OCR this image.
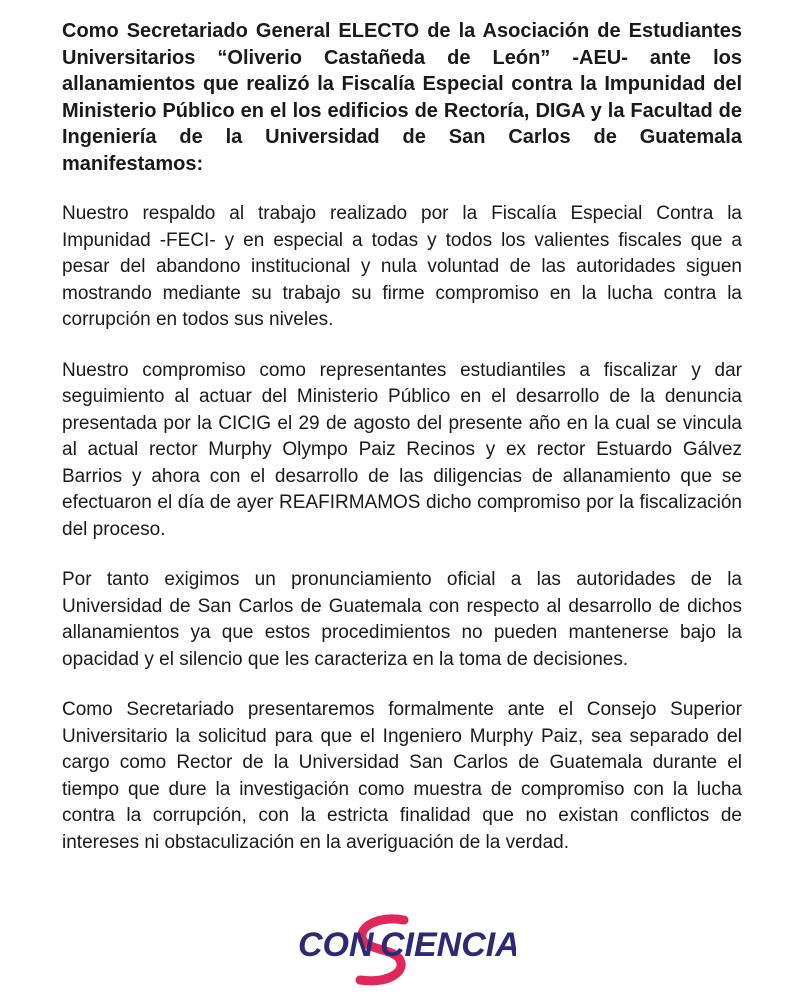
Como Secretariado General ELECTO de la Asociación de Estudiantes Universitarios “Oliverio Castañeda de León” -AEU- ante los allanamientos que realizó la Fiscalía Especial contra la Impunidad del Ministerio Público en el los edificios de Rectoría, DIGA y la Facultad de Ingeniería de la Universidad de San Carlos de Guatemala manifestamos:

Nuestro respaldo al trabajo realizado por la Fiscalía Especial Contra la Impunidad -FECI- y en especial a todas y todos los valientes fiscales que a pesar del abandono institucional y nula voluntad de las autoridades siguen mostrando mediante su trabajo su firme compromiso en la lucha contra la corrupción en todos sus niveles.

Nuestro compromiso como representantes estudiantiles a fiscalizar y dar seguimiento al actuar del Ministerio Público en el desarrollo de la denuncia presentada por la CICIG el 29 de agosto del presente año en la cual se vincula al actual rector Murphy Olympo Paiz Recinos y ex rector Estuardo Gálvez Barrios y ahora con el desarrollo de las diligencias de allanamiento que se efectuaron el día de ayer REAFIRMAMOS dicho compromiso por la fiscalización del proceso.

Por tanto exigimos un pronunciamiento oficial a las autoridades de la Universidad de San Carlos de Guatemala con respecto al desarrollo de dichos allanamientos ya que estos procedimientos no pueden mantenerse bajo la opacidad y el silencio que les caracteriza en la toma de decisiones.

Como Secretariado presentaremos formalmente ante el Consejo Superior Universitario la solicitud para que el Ingeniero Murphy Paiz, sea separado del cargo como Rector de la Universidad San Carlos de Guatemala durante el tiempo que dure la investigación como muestra de compromiso con la lucha contra la corrupción, con la estricta finalidad que no existan conflictos de intereses ni obstaculización en la averiguación de la verdad.

CON CIENCIA
